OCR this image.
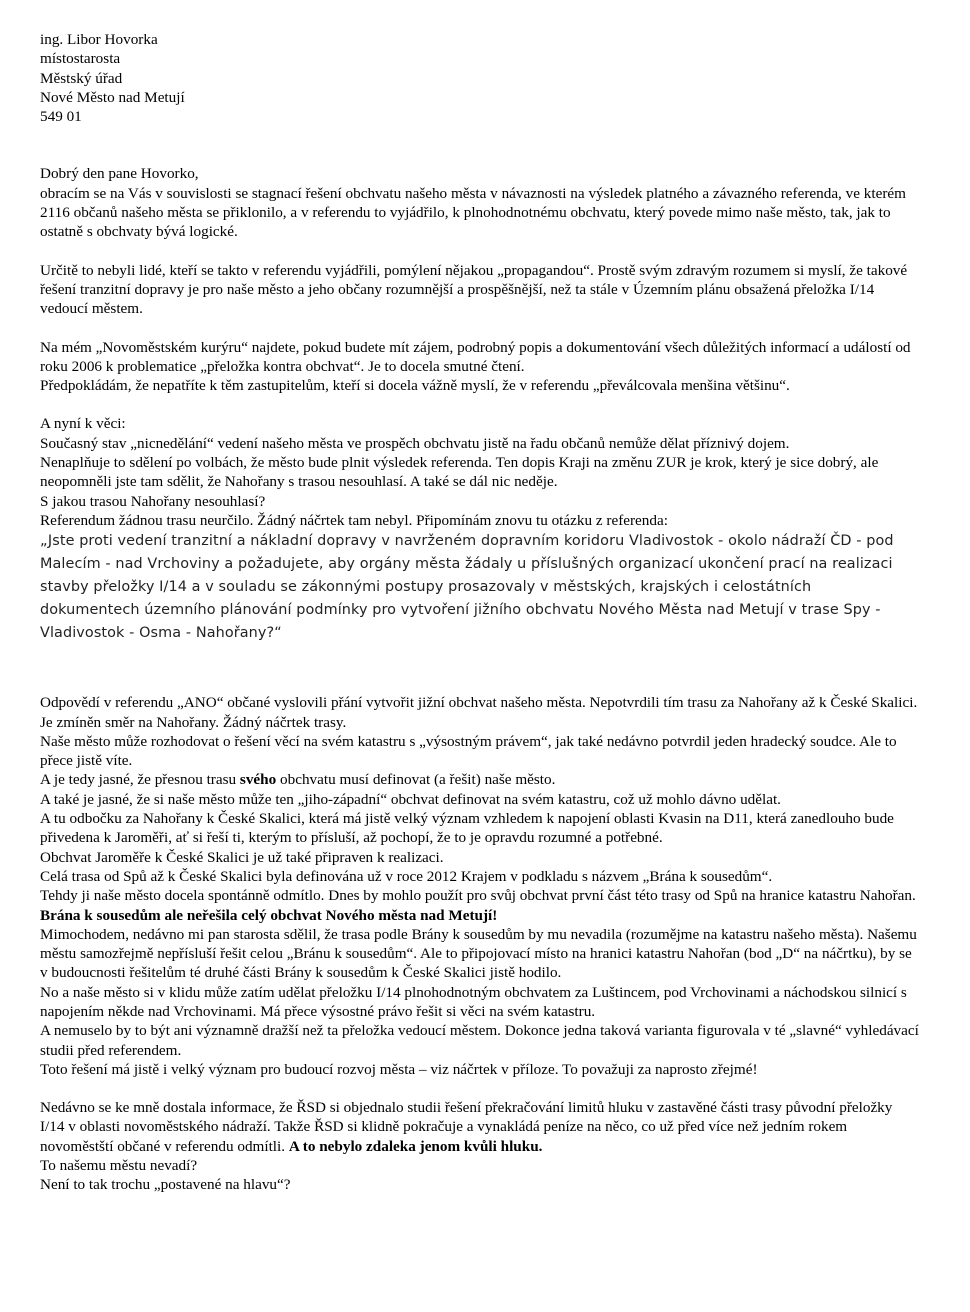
ing. Libor Hovorka

místostarosta

Městský úřad

Nové Město nad Metují

549 01

Dobrý den pane Hovorko,

obracím se na Vás v souvislosti se stagnací řešení obchvatu našeho města v návaznosti na výsledek platného a závazného referenda, ve kterém 2116 občanů našeho města se přiklonilo, a v referendu to vyjádřilo, k plnohodnotnému obchvatu, který povede mimo naše město, tak, jak to ostatně s obchvaty bývá logické.

Určitě to nebyli lidé, kteří se takto v referendu vyjádřili, pomýlení nějakou „propagandou“. Prostě svým zdravým rozumem si myslí, že takové řešení tranzitní dopravy je pro naše město a jeho občany rozumnější a prospěšnější, než ta stále v Územním plánu obsažená přeložka I/14 vedoucí městem.

Na mém „Novoměstském kurýru“ najdete, pokud budete mít zájem, podrobný popis a dokumentování všech důležitých informací a událostí od roku 2006 k problematice „přeložka kontra obchvat“. Je to docela smutné čtení.

Předpokládám, že nepatříte k těm zastupitelům, kteří si docela vážně myslí, že v referendu „převálcovala menšina většinu“.

A nyní k věci:

Současný stav „nicnedělání“ vedení našeho města ve prospěch obchvatu jistě na řadu občanů nemůže dělat příznivý dojem.

Nenaplňuje to sdělení po volbách, že město bude plnit výsledek referenda. Ten dopis Kraji na změnu ZUR je krok, který je sice dobrý, ale neopomněli jste tam sdělit, že Nahořany s trasou nesouhlasí. A také se dál nic neděje.

S jakou trasou Nahořany nesouhlasí?

Referendum žádnou trasu neurčilo. Žádný náčrtek tam nebyl. Připomínám znovu tu otázku z referenda:

„Jste proti vedení tranzitní a nákladní dopravy v navrženém dopravním koridoru Vladivostok - okolo nádraží ČD - pod Malecím - nad Vrchoviny a požadujete, aby orgány města žádaly u příslušných organizací ukončení prací na realizaci stavby přeložky I/14 a v souladu se zákonnými postupy prosazovaly v městských, krajských i celostátních dokumentech územního plánování podmínky pro vytvoření jižního obchvatu Nového Města nad Metují v trase Spy - Vladivostok - Osma - Nahořany?“

Odpovědí v referendu „ANO“ občané vyslovili přání vytvořit jižní obchvat našeho města. Nepotvrdili tím trasu za Nahořany až k České Skalici. Je zmíněn směr na Nahořany. Žádný náčrtek trasy.

Naše město může rozhodovat o řešení věcí na svém katastru s „výsostným právem“, jak také nedávno potvrdil jeden hradecký soudce. Ale to přece jistě víte.

A je tedy jasné, že přesnou trasu svého obchvatu musí definovat (a řešit) naše město.

A také je jasné, že si naše město může ten „jiho-západní“ obchvat definovat na svém katastru, což už mohlo dávno udělat.

A tu odbočku za Nahořany k České Skalici, která má jistě velký význam vzhledem k napojení oblasti Kvasin na D11, která zanedlouho bude přivedena k Jaroměři, ať si řeší ti, kterým to přísluší, až pochopí, že to je opravdu rozumné a potřebné.

Obchvat Jaroměře k České Skalici je už také připraven k realizaci.

Celá trasa od Spů až k České Skalici byla definována už v roce 2012 Krajem v podkladu s názvem „Brána k sousedům“.

Tehdy ji naše město docela spontánně odmítlo. Dnes by mohlo použít pro svůj obchvat první část této trasy od Spů na hranice katastru Nahořan. Brána k sousedům ale neřešila celý obchvat Nového města nad Metují!

Mimochodem, nedávno mi pan starosta sdělil, že trasa podle Brány k sousedům by mu nevadila (rozumějme na katastru našeho města). Našemu městu samozřejmě nepřísluší řešit celou „Bránu k sousedům“. Ale to připojovací místo na hranici katastru Nahořan (bod „D“ na náčrtku), by se v budoucnosti řešitelům té druhé části Brány k sousedům k České Skalici jistě hodilo.

No a naše město si v klidu může zatím udělat přeložku I/14 plnohodnotným obchvatem za Luštincem, pod Vrchovinami a náchodskou silnicí s napojením někde nad Vrchovinami. Má přece výsostné právo řešit si věci na svém katastru.

A nemuselo by to být ani významně dražší než ta přeložka vedoucí městem. Dokonce jedna taková varianta figurovala v té „slavné“ vyhledávací studii před referendem.

Toto řešení má jistě i velký význam pro budoucí rozvoj města – viz náčrtek v příloze. To považuji za naprosto zřejmé!

Nedávno se ke mně dostala informace, že ŘSD si objednalo studii řešení překračování limitů hluku v zastavěné části trasy původní přeložky I/14 v oblasti novoměstského nádraží. Takže ŘSD si klidně pokračuje a vynakládá peníze na něco, co už před více než jedním rokem novoměstští občané v referendu odmítli. A to nebylo zdaleka jenom kvůli hluku.

To našemu městu nevadí?

Není to tak trochu „postavené na hlavu“?
